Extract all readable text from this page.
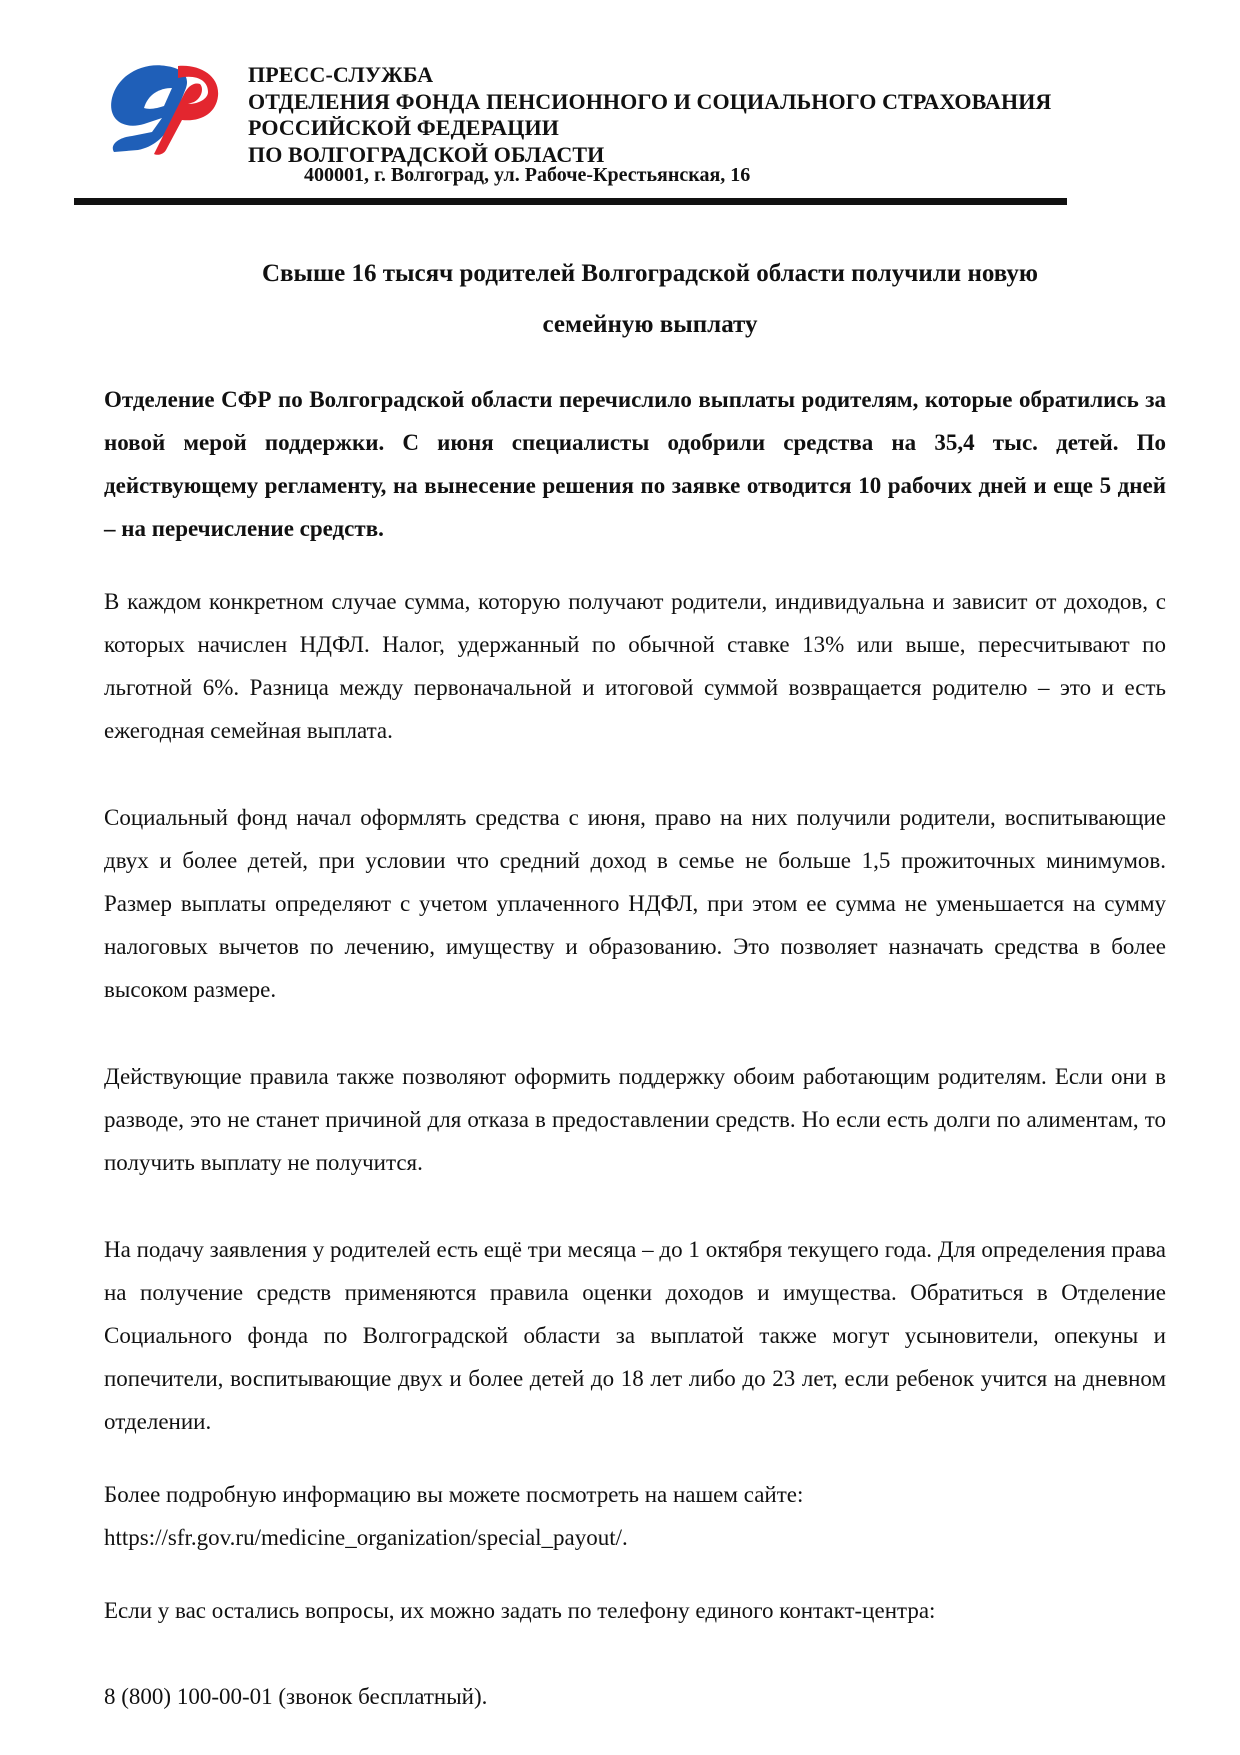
ПРЕСС-СЛУЖБА
ОТДЕЛЕНИЯ ФОНДА ПЕНСИОННОГО И СОЦИАЛЬНОГО СТРАХОВАНИЯ
РОССИЙСКОЙ ФЕДЕРАЦИИ
ПО ВОЛГОГРАДСКОЙ ОБЛАСТИ
400001, г. Волгоград, ул. Рабоче-Крестьянская, 16
Свыше 16 тысяч родителей Волгоградской области получили новую
семейную выплату

Отделение СФР по Волгоградской области перечислило выплаты родителям, которые обратились за новой мерой поддержки. С июня специалисты одобрили средства на 35,4 тыс. детей. По действующему регламенту, на вынесение решения по заявке отводится 10 рабочих дней и еще 5 дней – на перечисление средств.

В каждом конкретном случае сумма, которую получают родители, индивидуальна и зависит от доходов, с которых начислен НДФЛ. Налог, удержанный по обычной ставке 13% или выше, пересчитывают по льготной 6%. Разница между первоначальной и итоговой суммой возвращается родителю – это и есть ежегодная семейная выплата.

Социальный фонд начал оформлять средства с июня, право на них получили родители, воспитывающие двух и более детей, при условии что средний доход в семье не больше 1,5 прожиточных минимумов. Размер выплаты определяют с учетом уплаченного НДФЛ, при этом ее сумма не уменьшается на сумму налоговых вычетов по лечению, имуществу и образованию. Это позволяет назначать средства в более высоком размере.

Действующие правила также позволяют оформить поддержку обоим работающим родителям. Если они в разводе, это не станет причиной для отказа в предоставлении средств. Но если есть долги по алиментам, то получить выплату не получится.

На подачу заявления у родителей есть ещё три месяца – до 1 октября текущего года. Для определения права на получение средств применяются правила оценки доходов и имущества. Обратиться в Отделение Социального фонда по Волгоградской области за выплатой также могут усыновители, опекуны и попечители, воспитывающие двух и более детей до 18 лет либо до 23 лет, если ребенок учится на дневном отделении.

Более подробную информацию вы можете посмотреть на нашем сайте:

https://sfr.gov.ru/medicine_organization/special_payout/.

Если у вас остались вопросы, их можно задать по телефону единого контакт-центра:

8 (800) 100-00-01 (звонок бесплатный).
